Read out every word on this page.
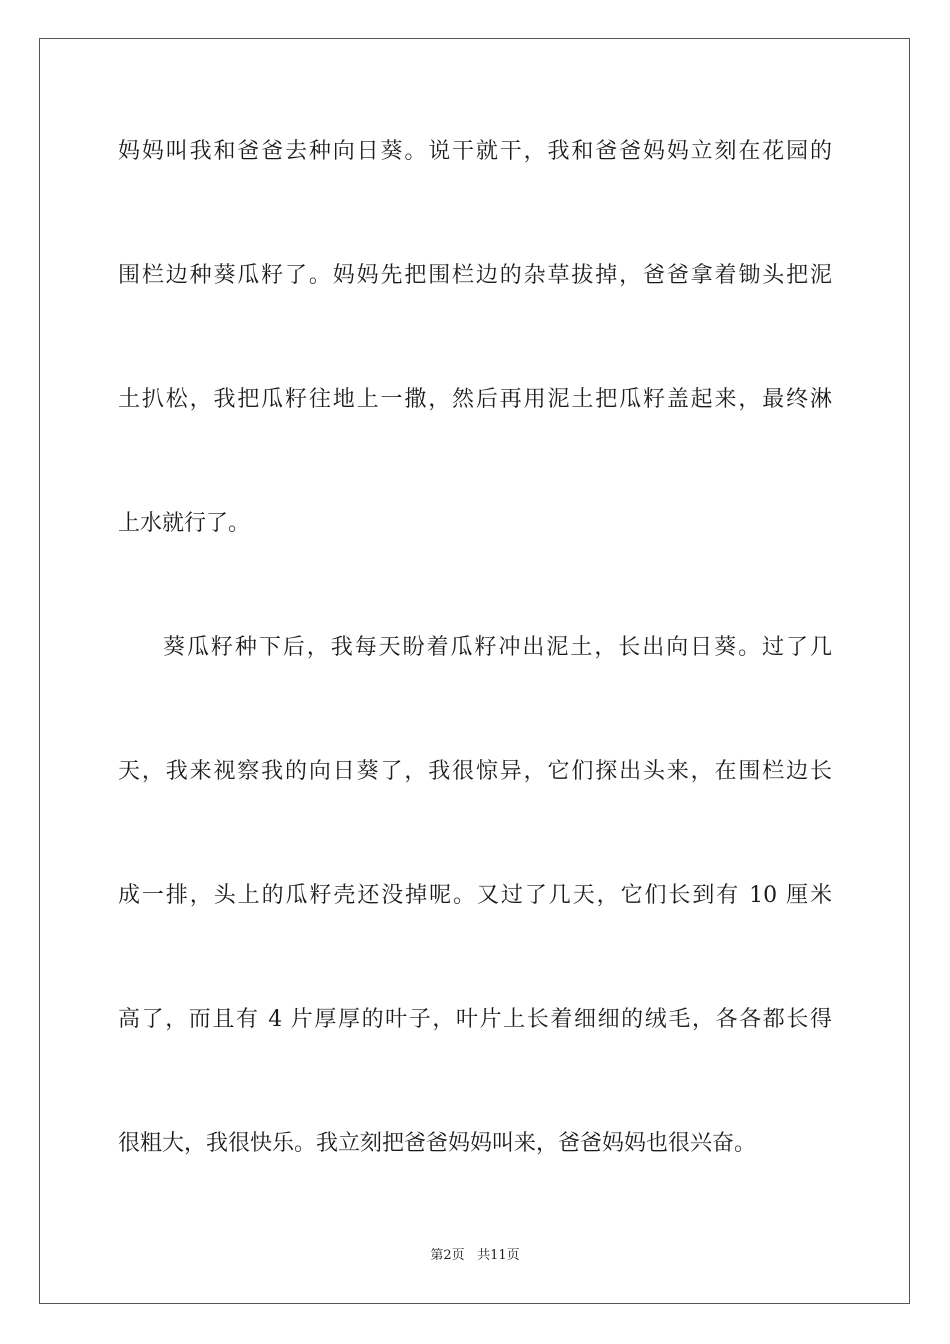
妈妈叫我和爸爸去种向日葵。说干就干，我和爸爸妈妈立刻在花园的
围栏边种葵瓜籽了。妈妈先把围栏边的杂草拔掉，爸爸拿着锄头把泥
土扒松，我把瓜籽往地上一撒，然后再用泥土把瓜籽盖起来，最终淋
上水就行了。
葵瓜籽种下后，我每天盼着瓜籽冲出泥土，长出向日葵。过了几
天，我来视察我的向日葵了，我很惊异，它们探出头来，在围栏边长
成一排，头上的瓜籽壳还没掉呢。又过了几天，它们长到有 10 厘米
高了，而且有 4 片厚厚的叶子，叶片上长着细细的绒毛，各各都长得
很粗大，我很快乐。我立刻把爸爸妈妈叫来，爸爸妈妈也很兴奋。
第2页 共11页
